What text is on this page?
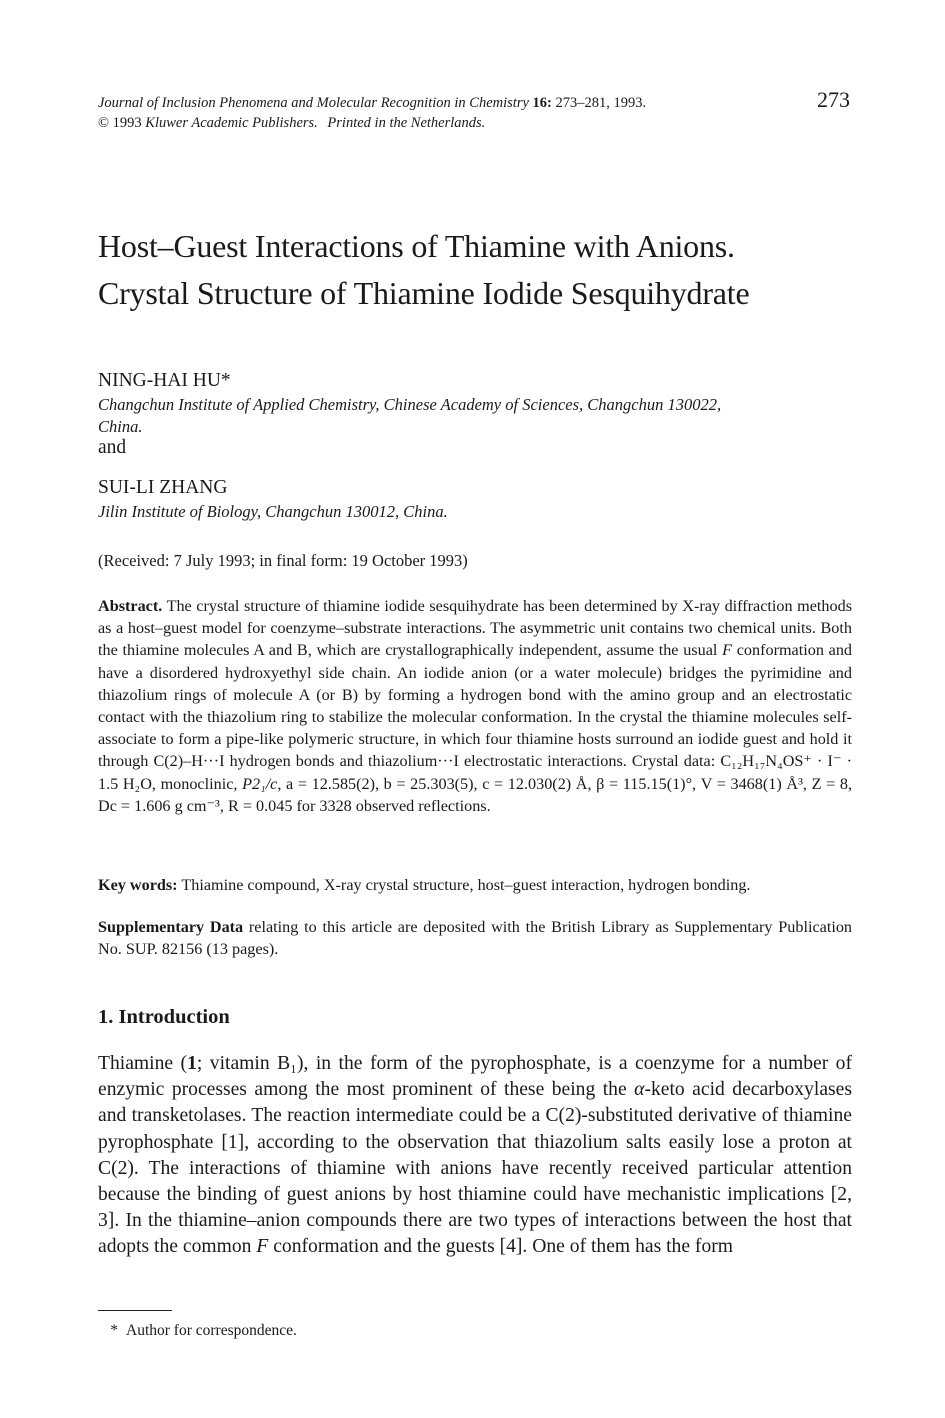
Journal of Inclusion Phenomena and Molecular Recognition in Chemistry 16: 273–281, 1993.	273
© 1993 Kluwer Academic Publishers. Printed in the Netherlands.
Host–Guest Interactions of Thiamine with Anions.
Crystal Structure of Thiamine Iodide Sesquihydrate
NING-HAI HU*
Changchun Institute of Applied Chemistry, Chinese Academy of Sciences, Changchun 130022,
China.
and
SUI-LI ZHANG
Jilin Institute of Biology, Changchun 130012, China.
(Received: 7 July 1993; in final form: 19 October 1993)
Abstract. The crystal structure of thiamine iodide sesquihydrate has been determined by X-ray diffraction methods as a host–guest model for coenzyme–substrate interactions. The asymmetric unit contains two chemical units. Both the thiamine molecules A and B, which are crystallographically independent, assume the usual F conformation and have a disordered hydroxyethyl side chain. An iodide anion (or a water molecule) bridges the pyrimidine and thiazolium rings of molecule A (or B) by forming a hydrogen bond with the amino group and an electrostatic contact with the thiazolium ring to stabilize the molecular conformation. In the crystal the thiamine molecules self-associate to form a pipe-like polymeric structure, in which four thiamine hosts surround an iodide guest and hold it through C(2)–H···I hydrogen bonds and thiazolium···I electrostatic interactions. Crystal data: C₁₂H₁₇N₄OS⁺ · I⁻ · 1.5 H₂O, monoclinic, P2₁/c, a = 12.585(2), b = 25.303(5), c = 12.030(2) Å, β = 115.15(1)°, V = 3468(1) Å³, Z = 8, Dc = 1.606 g cm⁻³, R = 0.045 for 3328 observed reflections.
Key words: Thiamine compound, X-ray crystal structure, host–guest interaction, hydrogen bonding.
Supplementary Data relating to this article are deposited with the British Library as Supplementary Publication No. SUP. 82156 (13 pages).
1. Introduction
Thiamine (1; vitamin B₁), in the form of the pyrophosphate, is a coenzyme for a number of enzymic processes among the most prominent of these being the α-keto acid decarboxylases and transketolases. The reaction intermediate could be a C(2)-substituted derivative of thiamine pyrophosphate [1], according to the observation that thiazolium salts easily lose a proton at C(2). The interactions of thiamine with anions have recently received particular attention because the binding of guest anions by host thiamine could have mechanistic implications [2, 3]. In the thiamine–anion compounds there are two types of interactions between the host that adopts the common F conformation and the guests [4]. One of them has the form
* Author for correspondence.
